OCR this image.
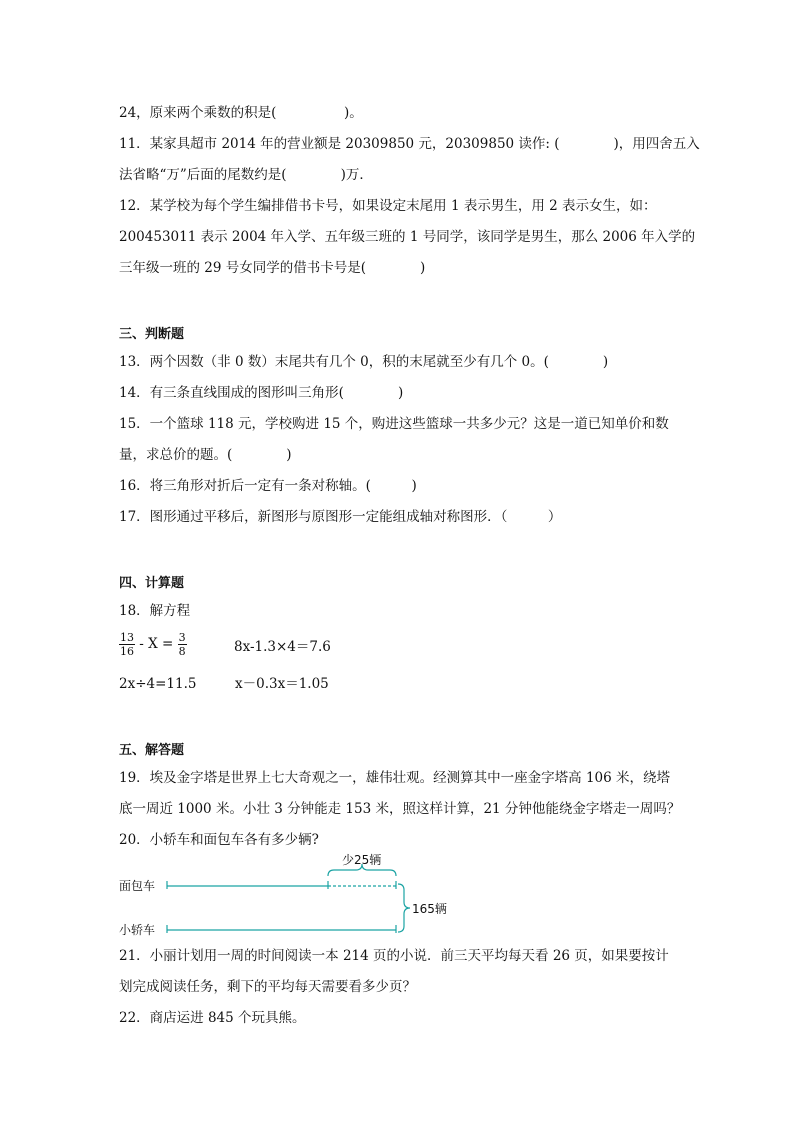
24，原来两个乘数的积是(　　　　　)。
11．某家具超市 2014 年的营业额是 20309850 元，20309850 读作: (　　　　)，用四舍五入
法省略“万”后面的尾数约是(　　　　)万．
12．某学校为每个学生编排借书卡号，如果设定末尾用 1 表示男生，用 2 表示女生，如：
200453011 表示 2004 年入学、五年级三班的 1 号同学，该同学是男生，那么 2006 年入学的
三年级一班的 29 号女同学的借书卡号是(　　　　)
三、判断题
13．两个因数（非 0 数）末尾共有几个 0，积的末尾就至少有几个 0。(　　　　)
14．有三条直线围成的图形叫三角形(　　　　)
15．一个篮球 118 元，学校购进 15 个，购进这些篮球一共多少元？这是一道已知单价和数
量，求总价的题。(　　　　)
16．将三角形对折后一定有一条对称轴。(　　　)
17．图形通过平移后，新图形与原图形一定能组成轴对称图形．（　　　）
四、计算题
18．解方程
$\frac{13}{16} - X = \frac{3}{8}$	8x-1.3×4＝7.6
2x÷4=11.5	x－0.3x＝1.05
五、解答题
19．埃及金字塔是世界上七大奇观之一，雄伟壮观。经测算其中一座金字塔高 106 米，绕塔
底一周近 1000 米。小壮 3 分钟能走 153 米，照这样计算，21 分钟他能绕金字塔走一周吗？
20．小轿车和面包车各有多少辆?
面包车
小轿车
少25辆
165辆
21．小丽计划用一周的时间阅读一本 214 页的小说．前三天平均每天看 26 页，如果要按计
划完成阅读任务，剩下的平均每天需要看多少页？
22．商店运进 845 个玩具熊。
